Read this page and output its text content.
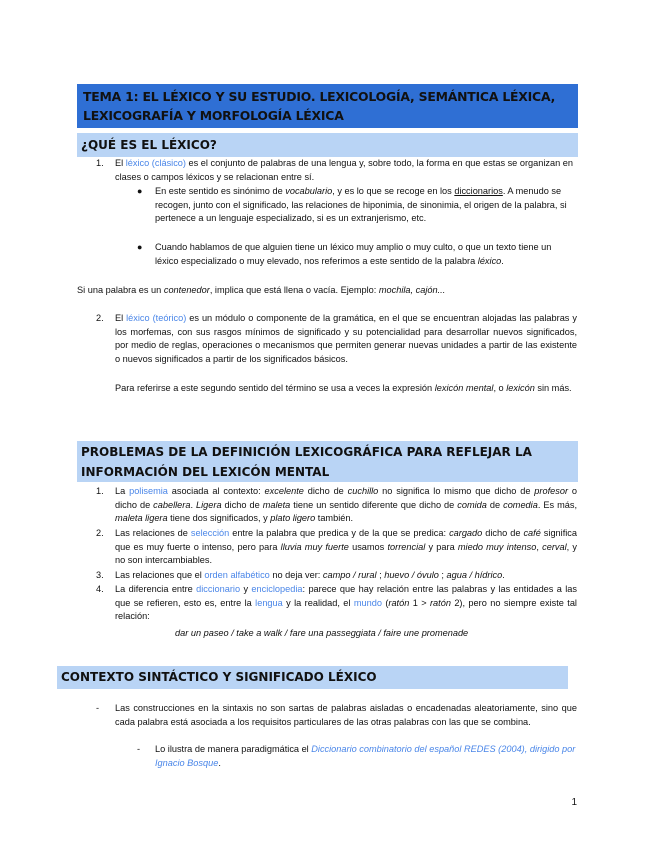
TEMA 1: EL LÉXICO Y SU ESTUDIO. LEXICOLOGÍA, SEMÁNTICA LÉXICA, LEXICOGRAFÍA Y MORFOLOGÍA LÉXICA
¿QUÉ ES EL LÉXICO?
1. El léxico (clásico) es el conjunto de palabras de una lengua y, sobre todo, la forma en que estas se organizan en clases o campos léxicos y se relacionan entre sí.
● En este sentido es sinónimo de vocabulario, y es lo que se recoge en los diccionarios. A menudo se recogen, junto con el significado, las relaciones de hiponimia, de sinonimia, el origen de la palabra, si pertenece a un lenguaje especializado, si es un extranjerismo, etc.
● Cuando hablamos de que alguien tiene un léxico muy amplio o muy culto, o que un texto tiene un léxico especializado o muy elevado, nos referimos a este sentido de la palabra léxico.
Si una palabra es un contenedor, implica que está llena o vacía. Ejemplo: mochila, cajón...
2. El léxico (teórico) es un módulo o componente de la gramática, en el que se encuentran alojadas las palabras y los morfemas, con sus rasgos mínimos de significado y su potencialidad para desarrollar nuevos significados, por medio de reglas, operaciones o mecanismos que permiten generar nuevas unidades a partir de las existente o nuevos significados a partir de los significados básicos.
Para referirse a este segundo sentido del término se usa a veces la expresión lexicón mental, o lexicón sin más.
PROBLEMAS DE LA DEFINICIÓN LEXICOGRÁFICA PARA REFLEJAR LA INFORMACIÓN DEL LEXICÓN MENTAL
1. La polisemia asociada al contexto: excelente dicho de cuchillo no significa lo mismo que dicho de profesor o dicho de cabellera. Ligera dicho de maleta tiene un sentido diferente que dicho de comida de comedia. Es más, maleta ligera tiene dos significados, y plato ligero también.
2. Las relaciones de selección entre la palabra que predica y de la que se predica: cargado dicho de café significa que es muy fuerte o intenso, pero para lluvia muy fuerte usamos torrencial y para miedo muy intenso, cerval, y no son intercambiables.
3. Las relaciones que el orden alfabético no deja ver: campo / rural ; huevo / óvulo ; agua / hídrico.
4. La diferencia entre diccionario y enciclopedia: parece que hay relación entre las palabras y las entidades a las que se refieren, esto es, entre la lengua y la realidad, el mundo (ratón 1 > ratón 2), pero no siempre existe tal relación:
dar un paseo / take a walk / fare una passeggiata / faire une promenade
CONTEXTO SINTÁCTICO Y SIGNIFICADO LÉXICO
- Las construcciones en la sintaxis no son sartas de palabras aisladas o encadenadas aleatoriamente, sino que cada palabra está asociada a los requisitos particulares de las otras palabras con las que se combina.
- Lo ilustra de manera paradigmática el Diccionario combinatorio del español REDES (2004), dirigido por Ignacio Bosque.
1
